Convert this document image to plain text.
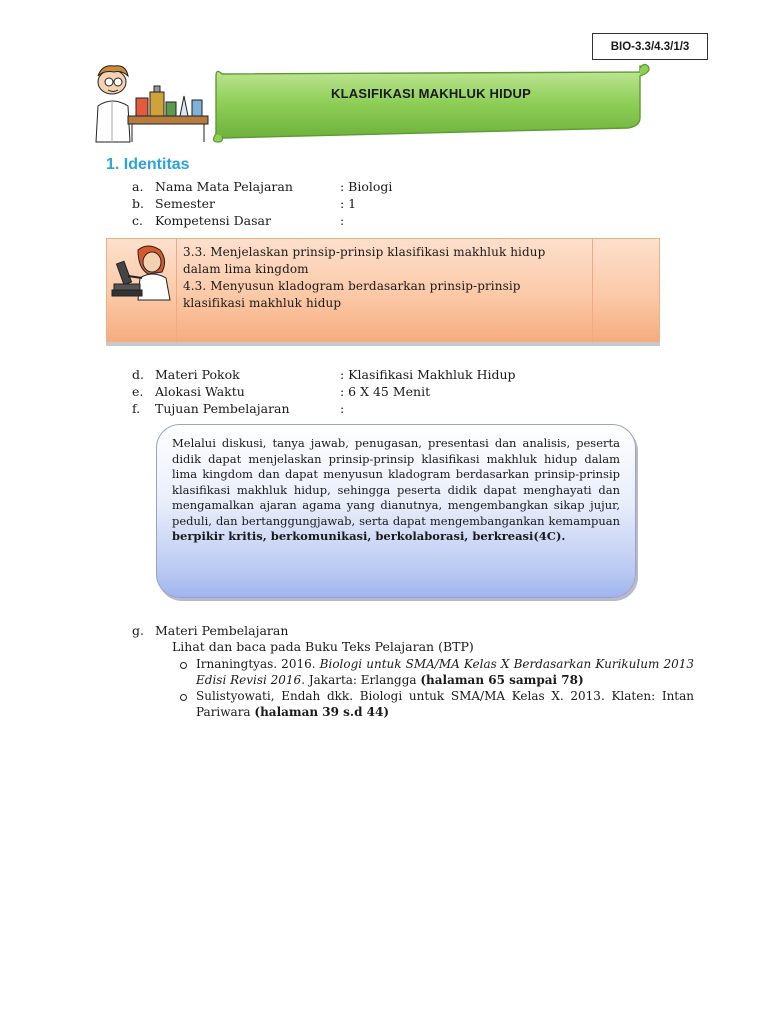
BIO-3.3/4.3/1/3
KLASIFIKASI MAKHLUK HIDUP
1. Identitas
a. Nama Mata Pelajaran	: Biologi
b. Semester	: 1
c. Kompetensi Dasar	:
3.3. Menjelaskan prinsip-prinsip klasifikasi makhluk hidup
dalam lima kingdom
4.3. Menyusun kladogram berdasarkan prinsip-prinsip
klasifikasi makhluk hidup
d. Materi Pokok	: Klasifikasi Makhluk Hidup
e. Alokasi Waktu	: 6 X 45 Menit
f. Tujuan Pembelajaran	:
Melalui diskusi, tanya jawab, penugasan, presentasi dan analisis, peserta didik dapat menjelaskan prinsip-prinsip klasifikasi makhluk hidup dalam lima kingdom dan dapat menyusun kladogram berdasarkan prinsip-prinsip klasifikasi makhluk hidup, sehingga peserta didik dapat menghayati dan mengamalkan ajaran agama yang dianutnya, mengembangkan sikap jujur, peduli, dan bertanggungjawab, serta dapat mengembangankan kemampuan berpikir kritis, berkomunikasi, berkolaborasi, berkreasi(4C).
g. Materi Pembelajaran
Lihat dan baca pada Buku Teks Pelajaran (BTP)
Irnaningtyas. 2016. Biologi untuk SMA/MA Kelas X Berdasarkan Kurikulum 2013 Edisi Revisi 2016. Jakarta: Erlangga (halaman 65 sampai 78)
Sulistyowati, Endah dkk. Biologi untuk SMA/MA Kelas X. 2013. Klaten: Intan Pariwara (halaman 39 s.d 44)
